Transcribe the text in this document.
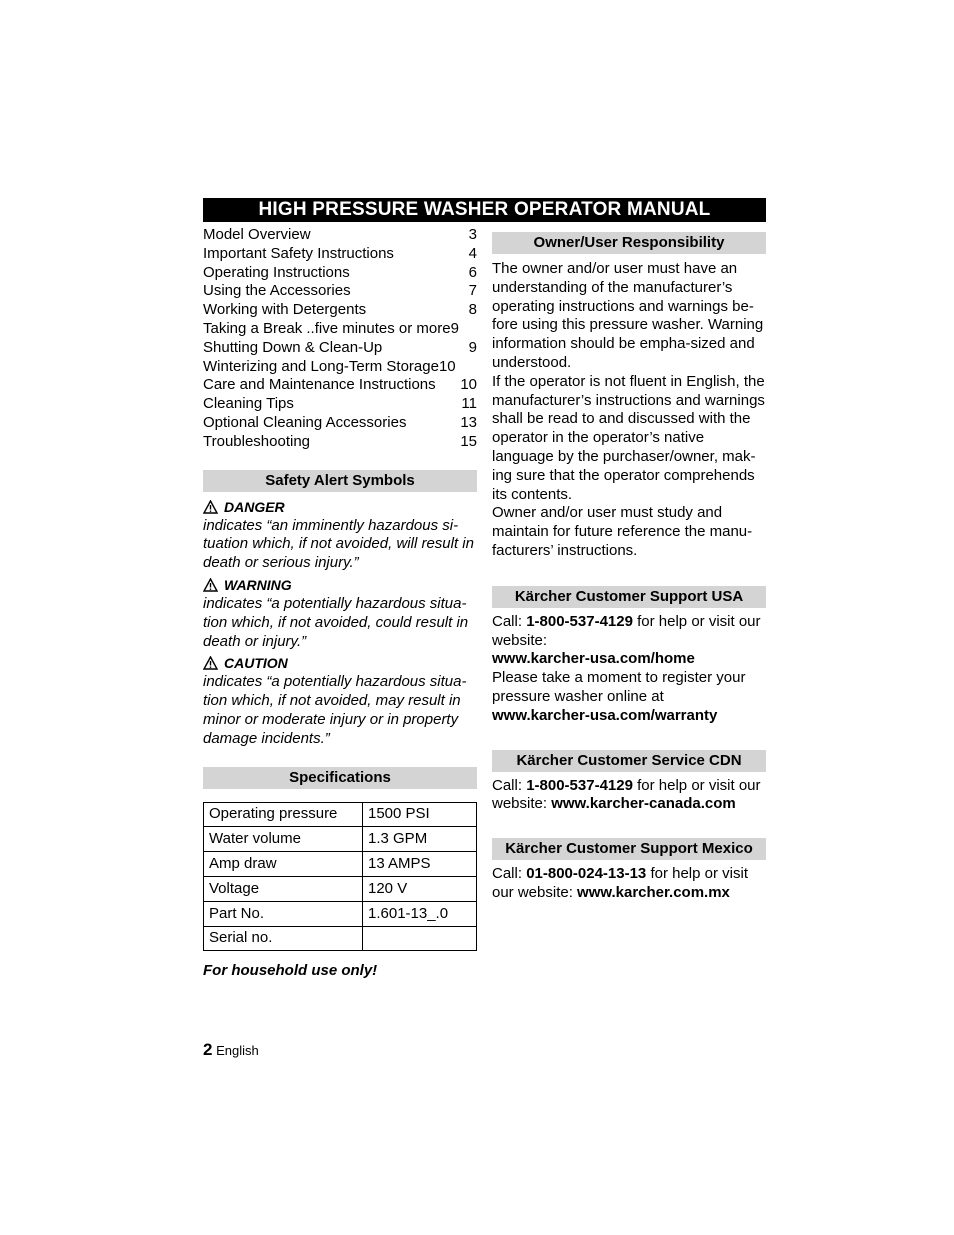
HIGH PRESSURE WASHER OPERATOR MANUAL
Model Overview	3
Important Safety Instructions	4
Operating Instructions	6
Using the Accessories	7
Working with Detergents	8
Taking a Break ..five minutes or more 9
Shutting Down & Clean-Up	9
Winterizing and Long-Term Storage 10
Care and Maintenance Instructions 10
Cleaning Tips	11
Optional Cleaning Accessories	13
Troubleshooting	15
Safety Alert Symbols
DANGER
indicates “an imminently hazardous si-tuation which, if not avoided, will result in death or serious injury.”
WARNING
indicates “a potentially hazardous situa-tion which, if not avoided, could result in death or injury.”
CAUTION
indicates “a potentially hazardous situa-tion which, if not avoided, may result in minor or moderate injury or in property damage incidents.”
Specifications
Operating pressure	1500 PSI
Water volume	1.3 GPM
Amp draw	13 AMPS
Voltage	120 V
Part No.	1.601-13_.0
Serial no.	
For household use only!
Owner/User Responsibility
The owner and/or user must have an understanding of the manufacturer’s operating instructions and warnings be-fore using this pressure washer. Warning information should be empha-sized and understood.
If the operator is not fluent in English, the manufacturer’s instructions and warnings shall be read to and discussed with the operator in the operator’s native language by the purchaser/owner, mak-ing sure that the operator comprehends its contents.
Owner and/or user must study and maintain for future reference the manu-facturers’ instructions.
Kärcher Customer Support USA
Call: 1-800-537-4129 for help or visit our website:
www.karcher-usa.com/home
Please take a moment to register your pressure washer online at
www.karcher-usa.com/warranty
Kärcher Customer Service CDN
Call: 1-800-537-4129 for help or visit our website: www.karcher-canada.com
Kärcher Customer Support Mexico
Call: 01-800-024-13-13 for help or visit our website: www.karcher.com.mx
2 English
